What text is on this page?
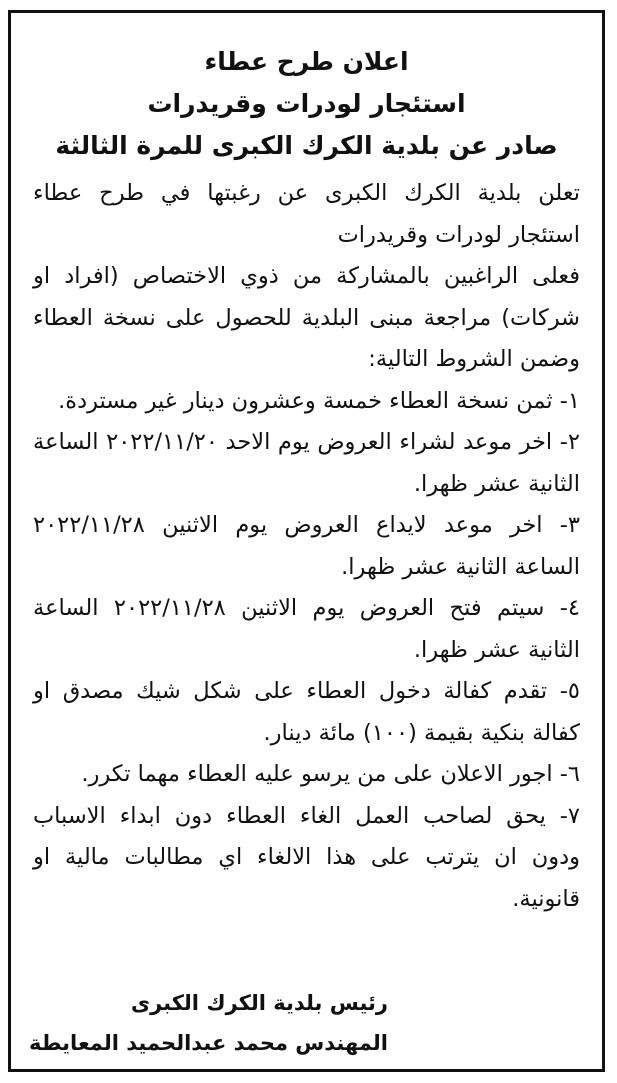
اعلان طرح عطاء
استئجار لودرات وقريدرات
صادر عن بلدية الكرك الكبرى للمرة الثالثة

تعلن بلدية الكرك الكبرى عن رغبتها في طرح عطاء استئجار لودرات وقريدرات

فعلى الراغبين بالمشاركة من ذوي الاختصاص (افراد او شركات) مراجعة مبنى البلدية للحصول على نسخة العطاء وضمن الشروط التالية:

١- ثمن نسخة العطاء خمسة وعشرون دينار غير مستردة.

٢- اخر موعد لشراء العروض يوم الاحد ٢٠٢٢/١١/٢٠ الساعة الثانية عشر ظهرا.

٣- اخر موعد لايداع العروض يوم الاثنين ٢٠٢٢/١١/٢٨ الساعة الثانية عشر ظهرا.

٤- سيتم فتح العروض يوم الاثنين ٢٠٢٢/١١/٢٨ الساعة الثانية عشر ظهرا.

٥- تقدم كفالة دخول العطاء على شكل شيك مصدق او كفالة بنكية بقيمة (١٠٠) مائة دينار.

٦- اجور الاعلان على من يرسو عليه العطاء مهما تكرر.

٧- يحق لصاحب العمل الغاء العطاء دون ابداء الاسباب ودون ان يترتب على هذا الالغاء اي مطالبات مالية او قانونية.

رئيس بلدية الكرك الكبرى
المهندس محمد عبدالحميد المعايطة
